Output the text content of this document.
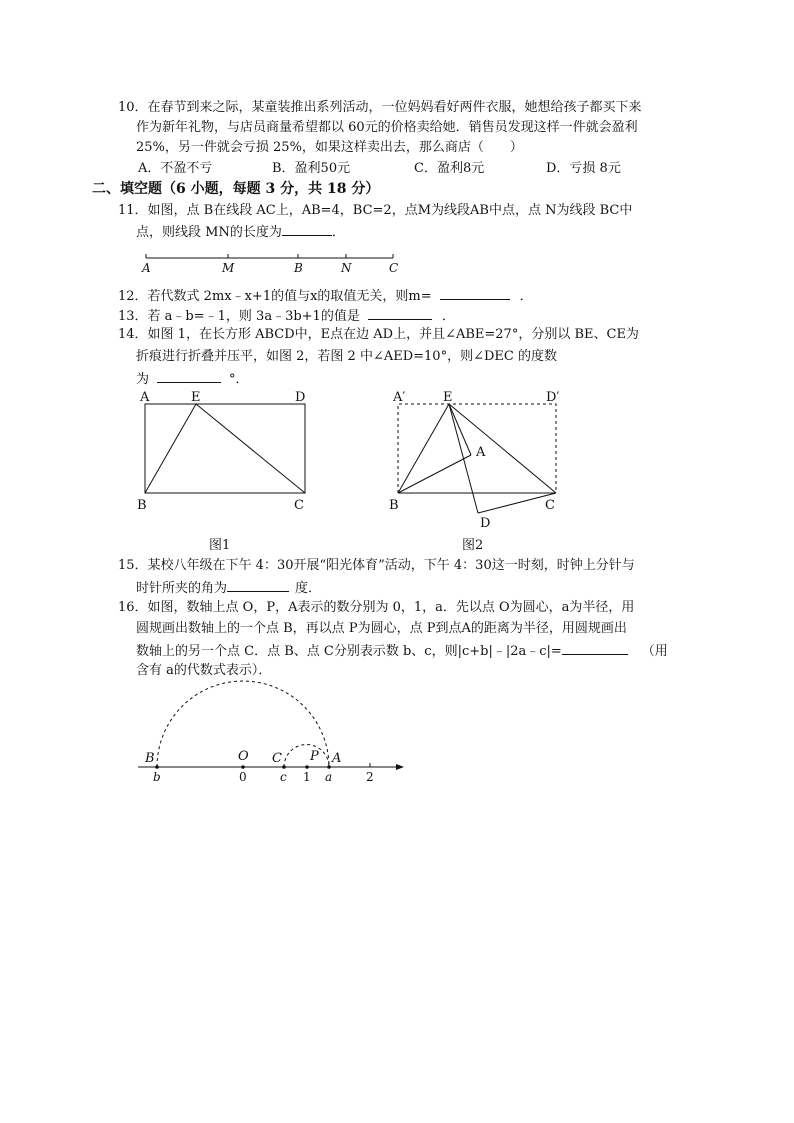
10．在春节到来之际，某童装推出系列活动，一位妈妈看好两件衣服，她想给孩子都买下来
作为新年礼物，与店员商量希望都以 60元的价格卖给她．销售员发现这样一件就会盈利
25%，另一件就会亏损 25%，如果这样卖出去，那么商店（　　）
A．不盈不亏	B．盈利50元	C．盈利8元	D．亏损 8元
二、填空题（6 小题，每题 3 分，共 18 分）
11．如图，点 B在线段 AC上，AB=4，BC=2，点M为线段AB中点，点 N为线段 BC中
点，则线段 MN的长度为	．
12．若代数式 2mx﹣x+1的值与x的取值无关，则m=	．
13．若 a﹣b=﹣1，则 3a﹣3b+1的值是	．
14．如图 1，在长方形 ABCD中，E点在边 AD上，并且∠ABE=27°，分别以 BE、CE为
折痕进行折叠并压平，如图 2，若图 2 中∠AED=10°，则∠DEC 的度数
为	°．
15．某校八年级在下午 4：30开展“阳光体育”活动，下午 4：30这一时刻，时钟上分针与
时针所夹的角为	度．
16．如图，数轴上点 O，P，A表示的数分别为 0，1，a．先以点 O为圆心，a为半径，用
圆规画出数轴上的一个点 B，再以点 P为圆心，点 P到点A的距离为半径，用圆规画出
数轴上的另一个点 C．点 B、点 C分别表示数 b、c，则|c+b|﹣|2a﹣c|=	（用
含有 a的代数式表示）．
A	M	B	N	C
A	E	D
B	C
图1
A′	E	D′
A
B	C
D
图2
B	O C P A
b	0	c 1 a	2
